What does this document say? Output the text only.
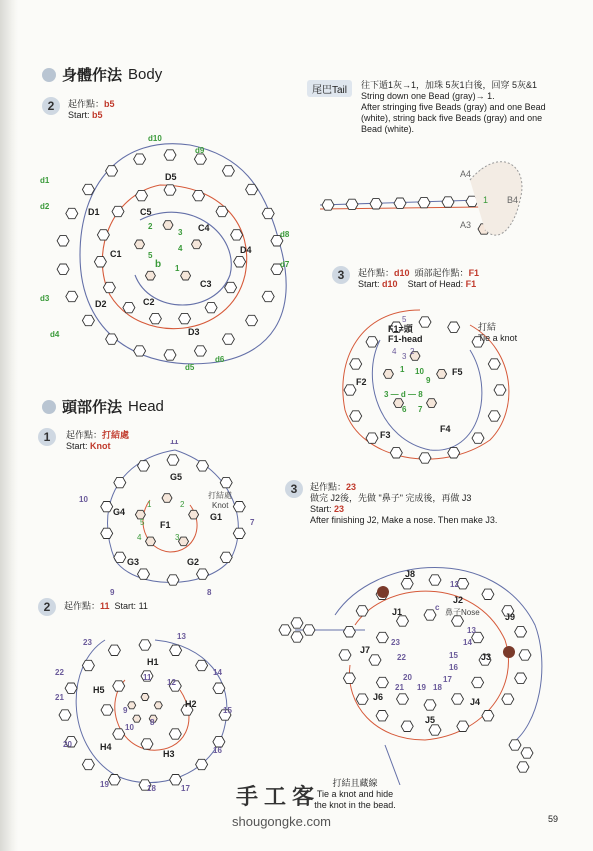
身體作法 Body
2	起作點：b5
Start: b5
d10
d9
d1
d2
d3
d4
d5
d6
d7
d8
b
5
4
3
2
1
D5
D1
D2
D3
D4
C5
C4
C1
C2
C3
尾巴Tail	往下遁1灰→1，加珠 5灰1白後，回穿 5灰&1
String down one Bead (gray)→ 1.
After stringing five Beads (gray) and one Bead
(white), string back five Beads (gray) and one
Bead (white).
A4
A3
B4
1
3	起作點：d10 頭部起作點：F1
Start: d10 Start of Head: F1
F1=頭
F1-head
F2
F3
F4
F5
3 — d — 8
10
9
7
6
1
5
4 2
3
打結
Tie a knot
頭部作法 Head
1	起作點：打結處
Start: Knot
G5
G4	G1
G3	G2
F1
11
10
9	8
7
1	2
3
4
5
打結處
Knot
2	起作點：11 Start: 11
H1
H5
H2
H4
H3
23
13
22	14
21
15
20
16
19	18	17
9
8
12
10
11
3	起作點：23
做完 J2後，先做 "鼻子" 完成後，再做 J3
Start: 23
After finishing J2, Make a nose. Then make J3.
J8
J1
J2
J9
J7
J3
J6	J4
J5
鼻子Nose
22
23
20
21 19 18
17
16
15
14
13
12
c
打結且藏線
Tie a knot and hide
the knot in the bead.
手工客
shougongke.com	59
